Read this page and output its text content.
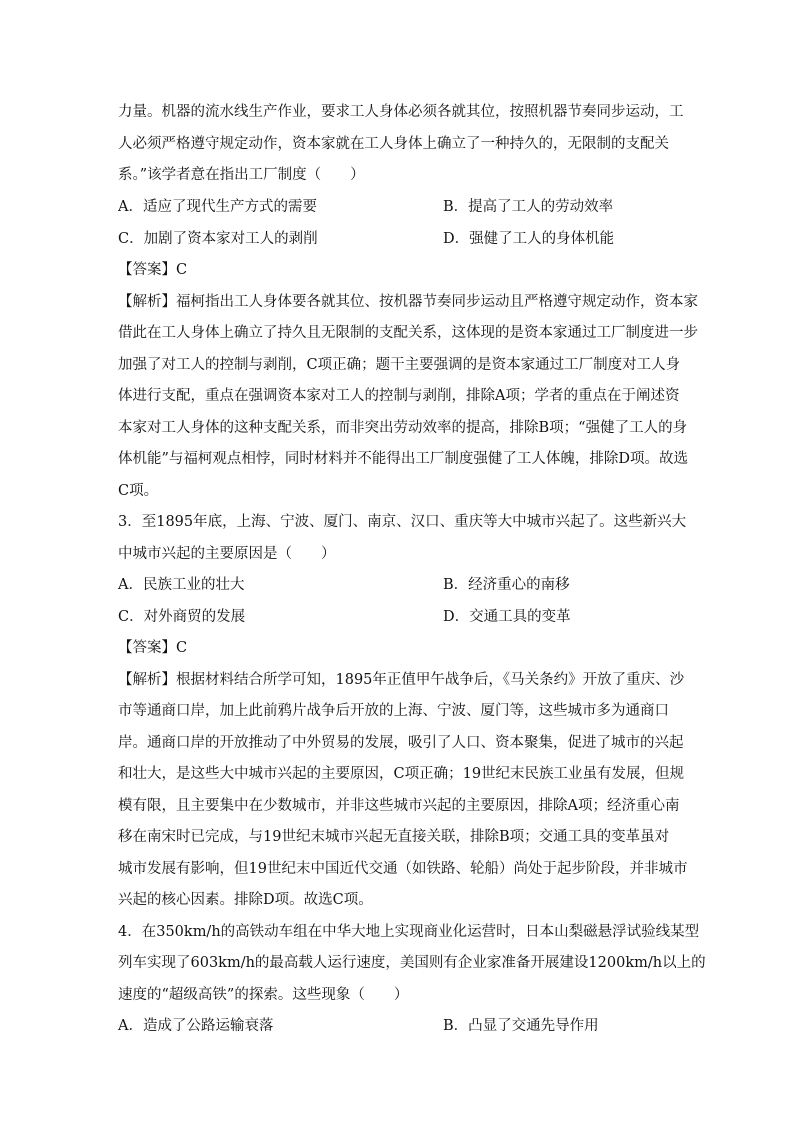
力量。机器的流水线生产作业，要求工人身体必须各就其位，按照机器节奏同步运动，工
人必须严格遵守规定动作，资本家就在工人身体上确立了一种持久的，无限制的支配关
系。”该学者意在指出工厂制度（　　）
A．适应了现代生产方式的需要	B．提高了工人的劳动效率
C．加剧了资本家对工人的剥削	D．强健了工人的身体机能
【答案】C
【解析】福柯指出工人身体要各就其位、按机器节奏同步运动且严格遵守规定动作，资本家
借此在工人身体上确立了持久且无限制的支配关系，这体现的是资本家通过工厂制度进一步
加强了对工人的控制与剥削，C项正确；题干主要强调的是资本家通过工厂制度对工人身
体进行支配，重点在强调资本家对工人的控制与剥削，排除A项；学者的重点在于阐述资
本家对工人身体的这种支配关系，而非突出劳动效率的提高，排除B项；“强健了工人的身
体机能”与福柯观点相悖，同时材料并不能得出工厂制度强健了工人体魄，排除D项。故选
C项。
3．至1895年底，上海、宁波、厦门、南京、汉口、重庆等大中城市兴起了。这些新兴大
中城市兴起的主要原因是（　　）
A．民族工业的壮大	B．经济重心的南移
C．对外商贸的发展	D．交通工具的变革
【答案】C
【解析】根据材料结合所学可知，1895年正值甲午战争后，《马关条约》开放了重庆、沙
市等通商口岸，加上此前鸦片战争后开放的上海、宁波、厦门等，这些城市多为通商口
岸。通商口岸的开放推动了中外贸易的发展，吸引了人口、资本聚集，促进了城市的兴起
和壮大，是这些大中城市兴起的主要原因，C项正确；19世纪末民族工业虽有发展，但规
模有限，且主要集中在少数城市，并非这些城市兴起的主要原因，排除A项；经济重心南
移在南宋时已完成，与19世纪末城市兴起无直接关联，排除B项；交通工具的变革虽对
城市发展有影响，但19世纪末中国近代交通（如铁路、轮船）尚处于起步阶段，并非城市
兴起的核心因素。排除D项。故选C项。
4．在350km/h的高铁动车组在中华大地上实现商业化运营时，日本山梨磁悬浮试验线某型
列车实现了603km/h的最高载人运行速度，美国则有企业家准备开展建设1200km/h以上的
速度的“超级高铁”的探索。这些现象（　　）
A．造成了公路运输衰落	B．凸显了交通先导作用
